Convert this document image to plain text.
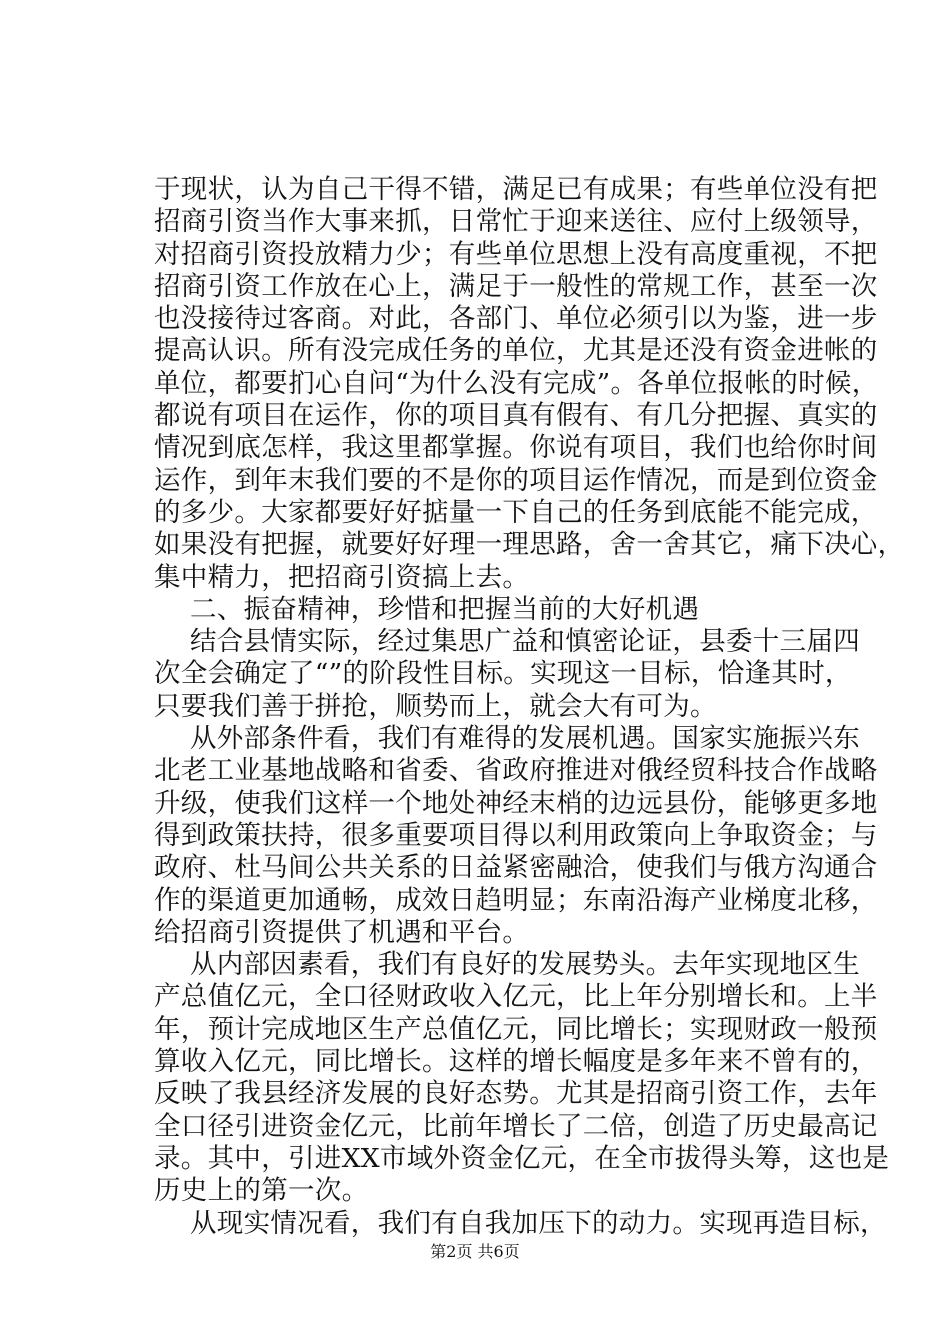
于现状，认为自己干得不错，满足已有成果；有些单位没有把
招商引资当作大事来抓，日常忙于迎来送往、应付上级领导，
对招商引资投放精力少；有些单位思想上没有高度重视，不把
招商引资工作放在心上，满足于一般性的常规工作，甚至一次
也没接待过客商。对此，各部门、单位必须引以为鉴，进一步
提高认识。所有没完成任务的单位，尤其是还没有资金进帐的
单位，都要扪心自问“为什么没有完成”。各单位报帐的时候，
都说有项目在运作，你的项目真有假有、有几分把握、真实的
情况到底怎样，我这里都掌握。你说有项目，我们也给你时间
运作，到年末我们要的不是你的项目运作情况，而是到位资金
的多少。大家都要好好掂量一下自己的任务到底能不能完成，
如果没有把握，就要好好理一理思路，舍一舍其它，痛下决心，
集中精力，把招商引资搞上去。
二、振奋精神，珍惜和把握当前的大好机遇
结合县情实际，经过集思广益和慎密论证，县委十三届四
次全会确定了“”的阶段性目标。实现这一目标，恰逢其时，
只要我们善于拼抢，顺势而上，就会大有可为。
从外部条件看，我们有难得的发展机遇。国家实施振兴东
北老工业基地战略和省委、省政府推进对俄经贸科技合作战略
升级，使我们这样一个地处神经末梢的边远县份，能够更多地
得到政策扶持，很多重要项目得以利用政策向上争取资金；与
政府、杜马间公共关系的日益紧密融洽，使我们与俄方沟通合
作的渠道更加通畅，成效日趋明显；东南沿海产业梯度北移，
给招商引资提供了机遇和平台。
从内部因素看，我们有良好的发展势头。去年实现地区生
产总值亿元，全口径财政收入亿元，比上年分别增长和。上半
年，预计完成地区生产总值亿元，同比增长；实现财政一般预
算收入亿元，同比增长。这样的增长幅度是多年来不曾有的，
反映了我县经济发展的良好态势。尤其是招商引资工作，去年
全口径引进资金亿元，比前年增长了二倍，创造了历史最高记
录。其中，引进XX市域外资金亿元，在全市拔得头筹，这也是
历史上的第一次。
从现实情况看，我们有自我加压下的动力。实现再造目标，
第2页 共6页
